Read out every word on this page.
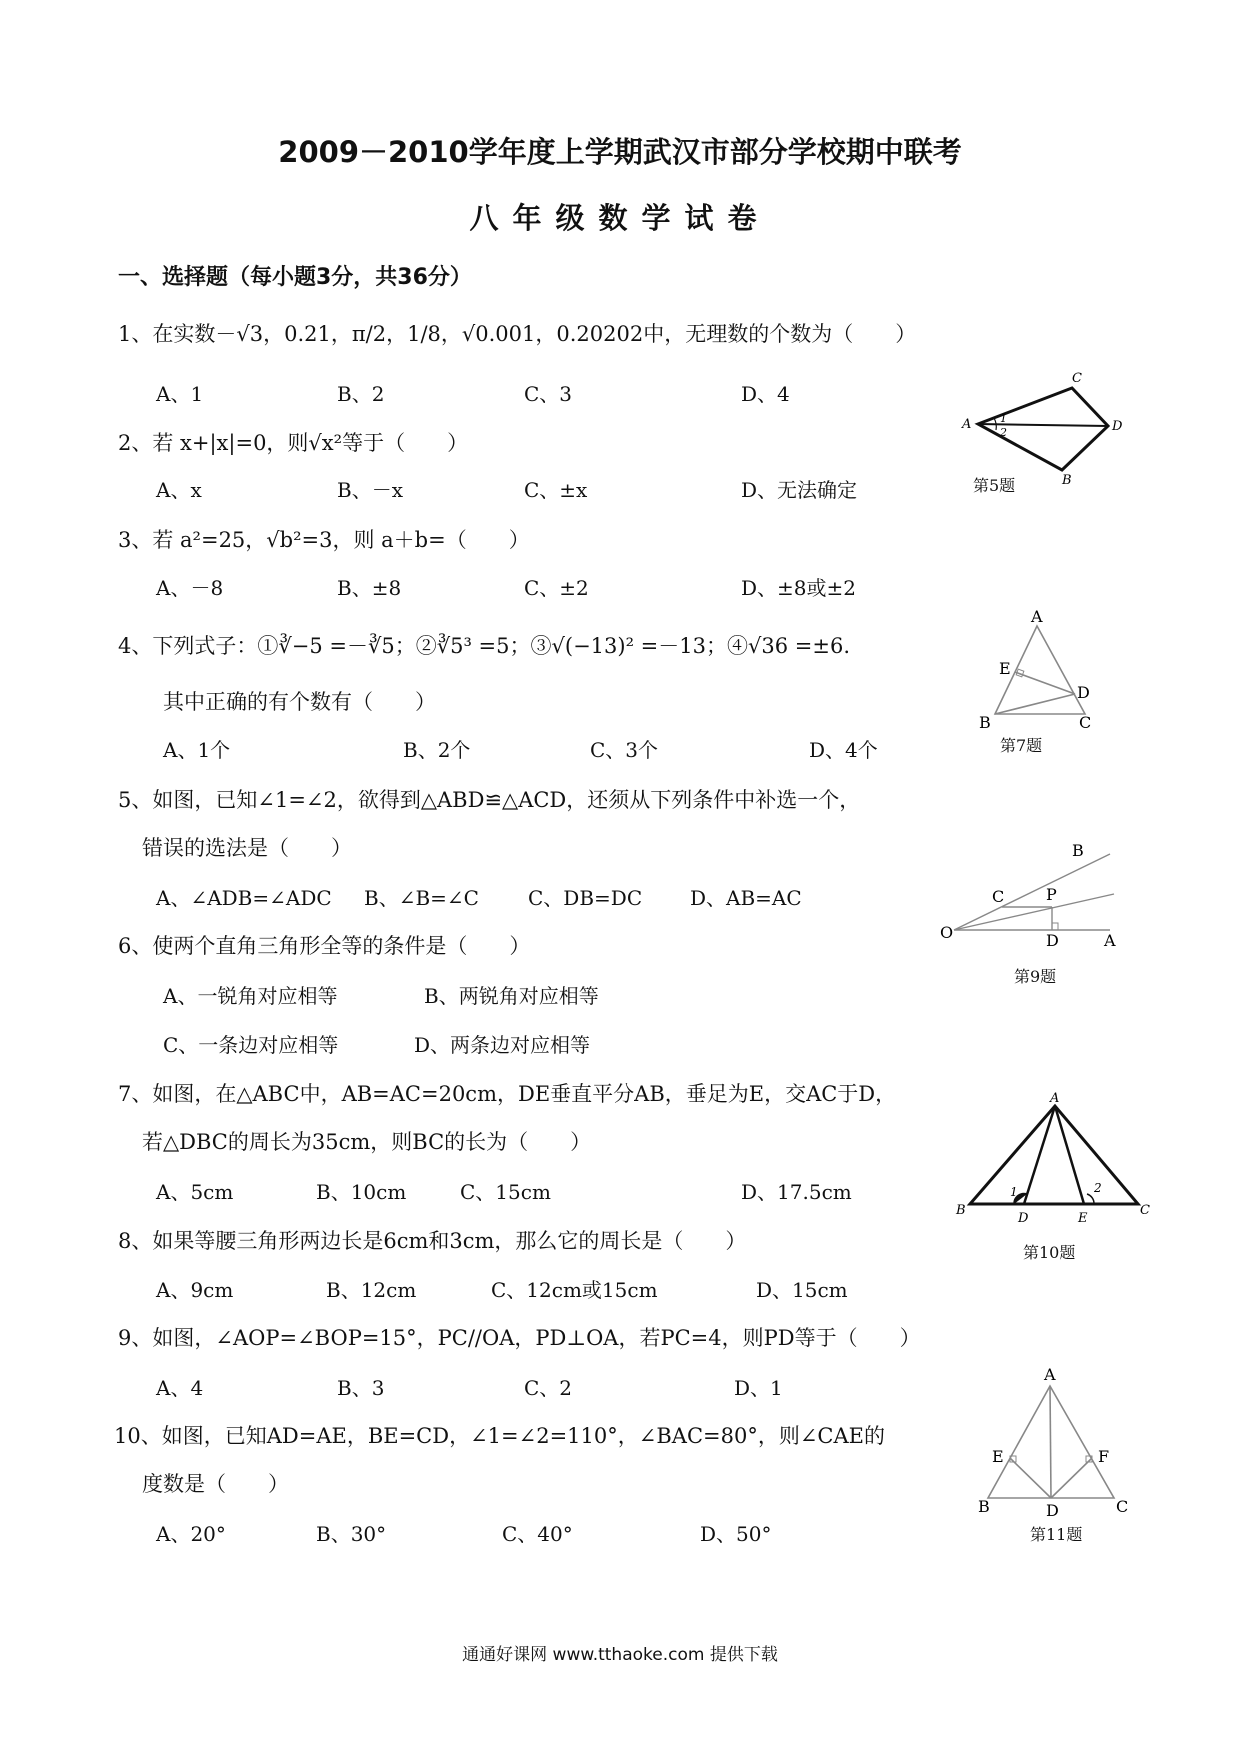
2009－2010学年度上学期武汉市部分学校期中联考
八年级数学试卷
一、选择题（每小题3分，共36分）
1、在实数－√3，0.21，π/2，1/8，√0.001，0.20202中，无理数的个数为（　　）
A、1	B、2	C、3	D、4
2、若 x+|x|=0，则√x²等于（　　）
A、x	B、－x	C、±x	D、无法确定
3、若 a²=25，√b²=3，则 a＋b=（　　）
A、－8	B、±8	C、±2	D、±8或±2
4、下列式子：①∛−5 =－∛5；②∛5³ =5；③√(−13)² =－13；④√36 =±6.
其中正确的有个数有（　　）
A、1个	B、2个	C、3个	D、4个
5、如图，已知∠1=∠2，欲得到△ABD≌△ACD，还须从下列条件中补选一个，
错误的选法是（　　）
A、∠ADB=∠ADC B、∠B=∠C C、DB=DC D、AB=AC
6、使两个直角三角形全等的条件是（　　）
A、一锐角对应相等	B、两锐角对应相等
C、一条边对应相等	D、两条边对应相等
7、如图，在△ABC中，AB=AC=20cm，DE垂直平分AB，垂足为E，交AC于D，
若△DBC的周长为35cm，则BC的长为（　　）
A、5cm	B、10cm	C、15cm	D、17.5cm
8、如果等腰三角形两边长是6cm和3cm，那么它的周长是（　　）
A、9cm	B、12cm	C、12cm或15cm	D、15cm
9、如图，∠AOP=∠BOP=15°，PC//OA，PD⊥OA，若PC=4，则PD等于（　　）
A、4	B、3	C、2	D、1
10、如图，已知AD=AE，BE=CD，∠1=∠2=110°，∠BAC=80°，则∠CAE的
度数是（　　）
A、20°	B、30°	C、40°	D、50°
A
B
C
D
1
2
第5题
A
E
D
B	C
第7题
B
C	P
O	D	A
第9题
A
B
D	E
C
1	2
第10题
A
E	F
B	D	C
第11题
通通好课网 www.tthaoke.com 提供下载
